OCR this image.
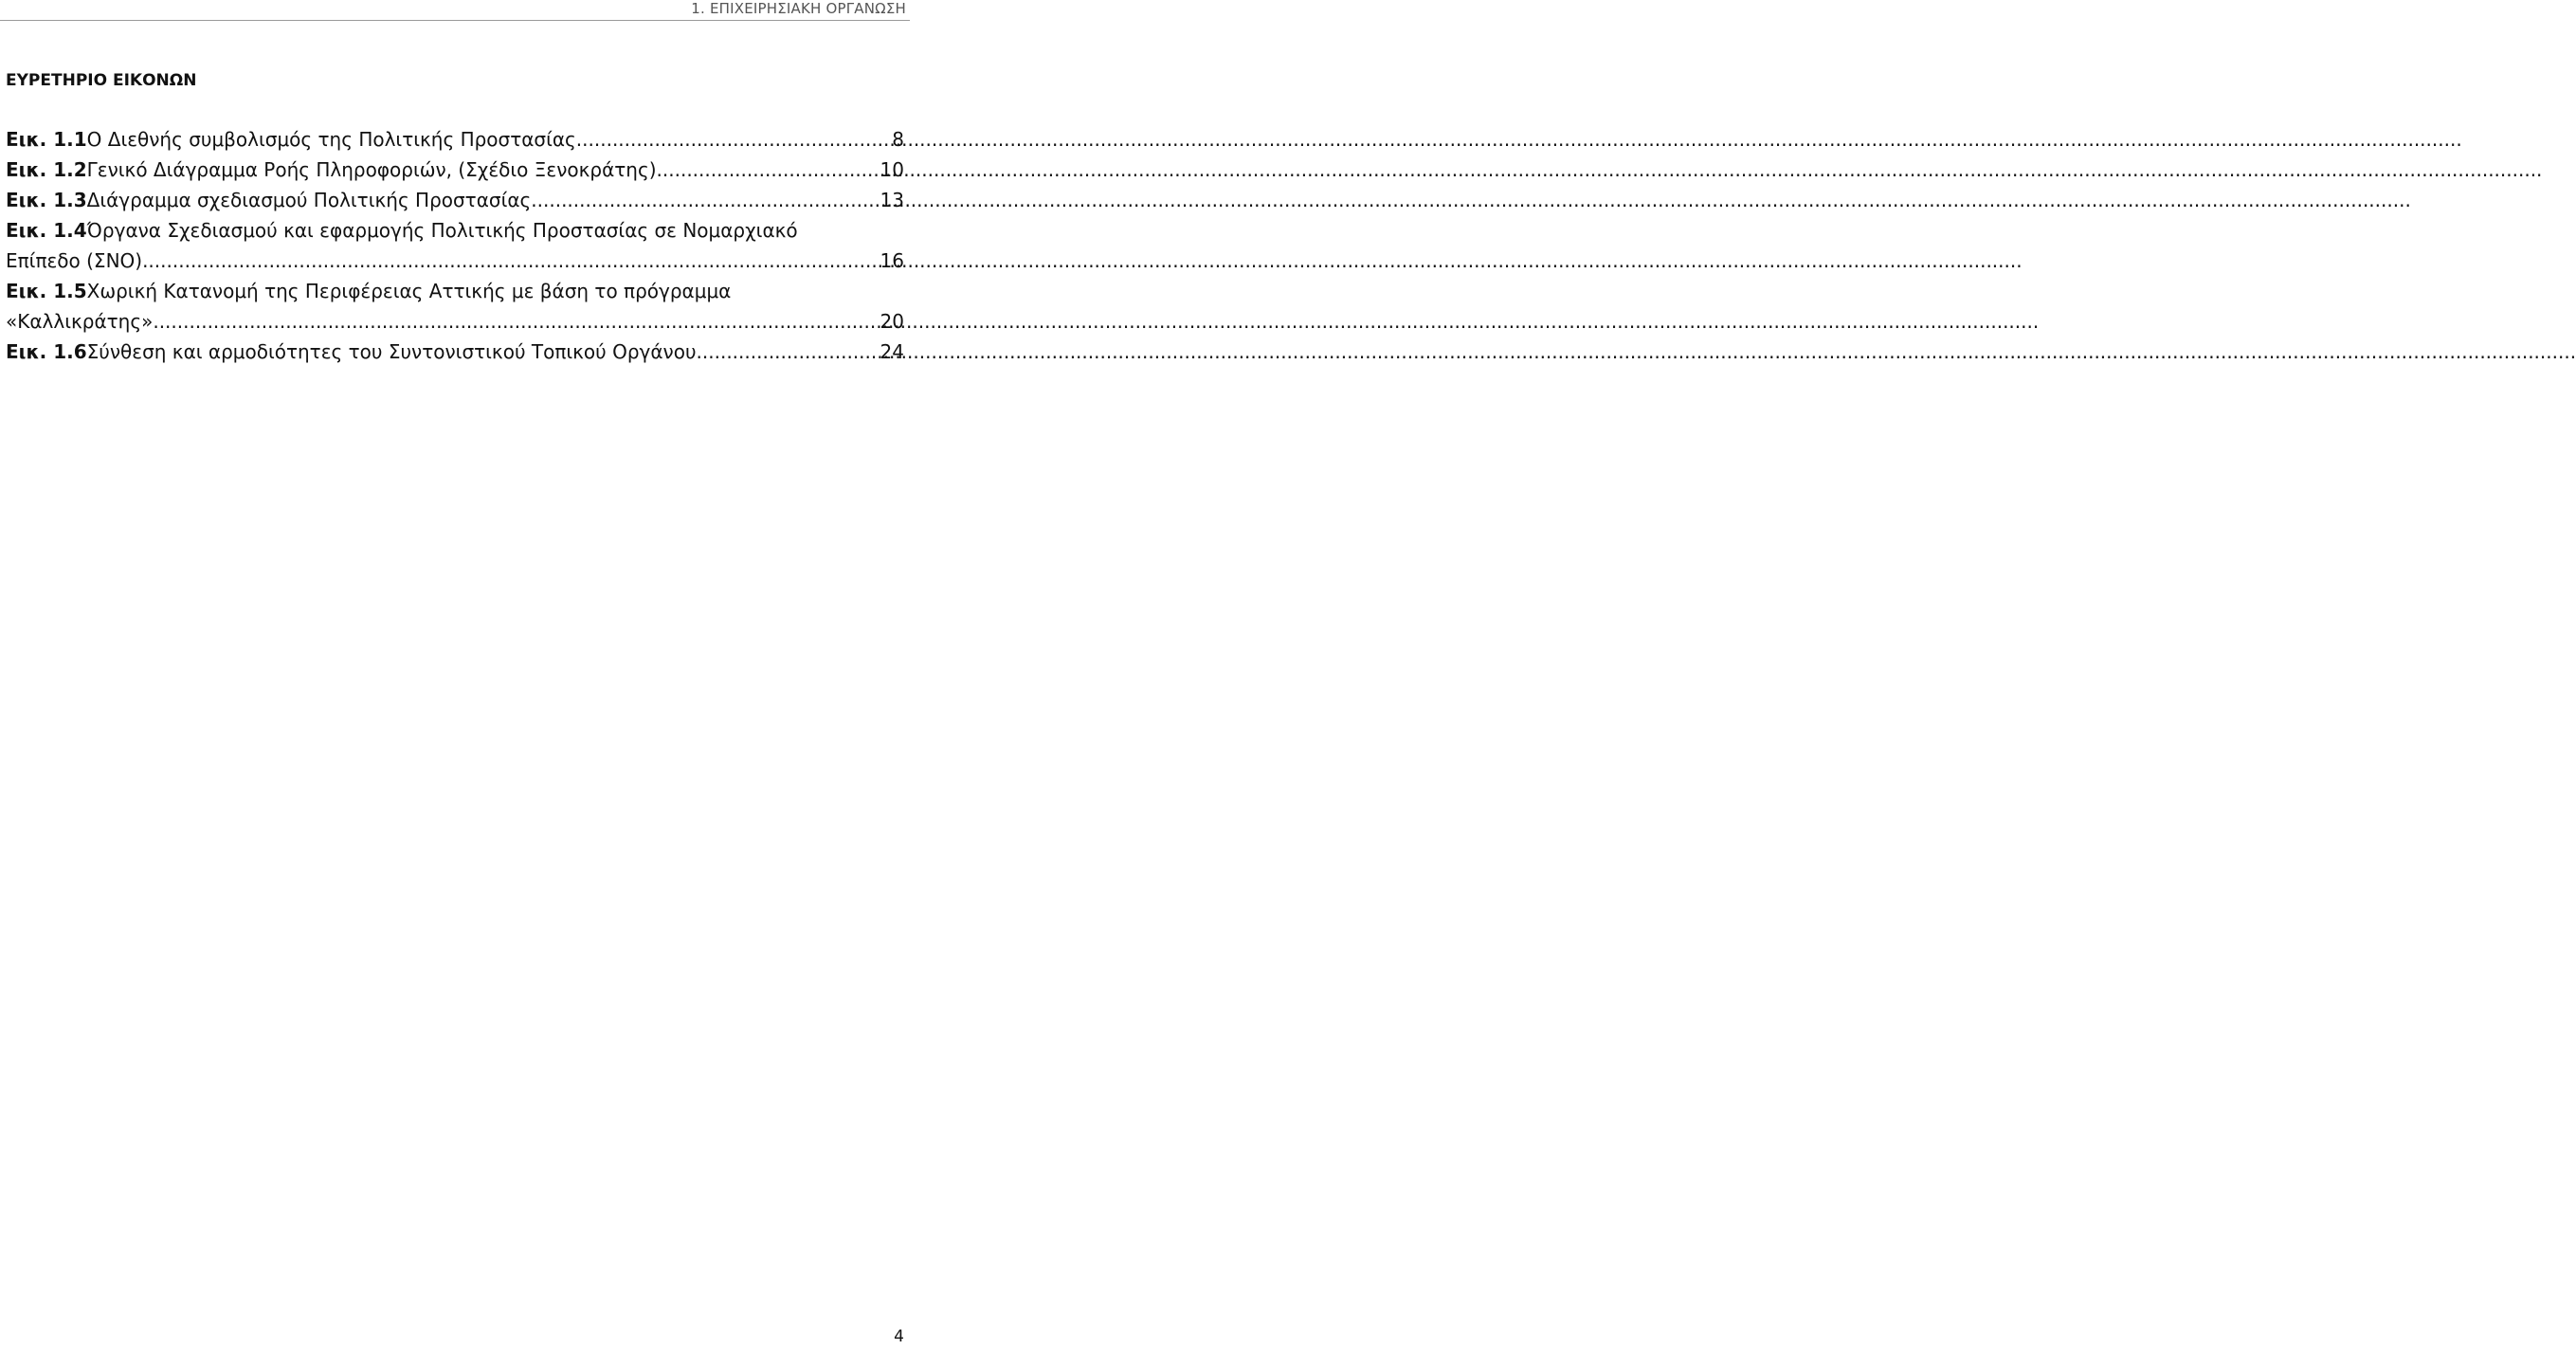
1. ΕΠΙΧΕΙΡΗΣΙΑΚΗ ΟΡΓΑΝΩΣΗ
ΕΥΡΕΤΗΡΙΟ ΕΙΚΟΝΩΝ
Εικ. 1.1 Ο Διεθνής συμβολισμός της Πολιτικής Προστασίας. .....	8
Εικ. 1.2 Γενικό Διάγραμμα Ροής Πληροφοριών, (Σχέδιο Ξενοκράτης). .....	10
Εικ. 1.3 Διάγραμμα σχεδιασμού Πολιτικής Προστασίας .....	13
Εικ. 1.4 Όργανα Σχεδιασμού και εφαρμογής Πολιτικής Προστασίας σε Νομαρχιακό
Επίπεδο (ΣΝΟ) .....	16
Εικ. 1.5 Χωρική Κατανομή της Περιφέρειας Αττικής με βάση το πρόγραμμα
«Καλλικράτης». .....	20
Εικ. 1.6 Σύνθεση και αρμοδιότητες του Συντονιστικού Τοπικού Οργάνου .....	24
4
